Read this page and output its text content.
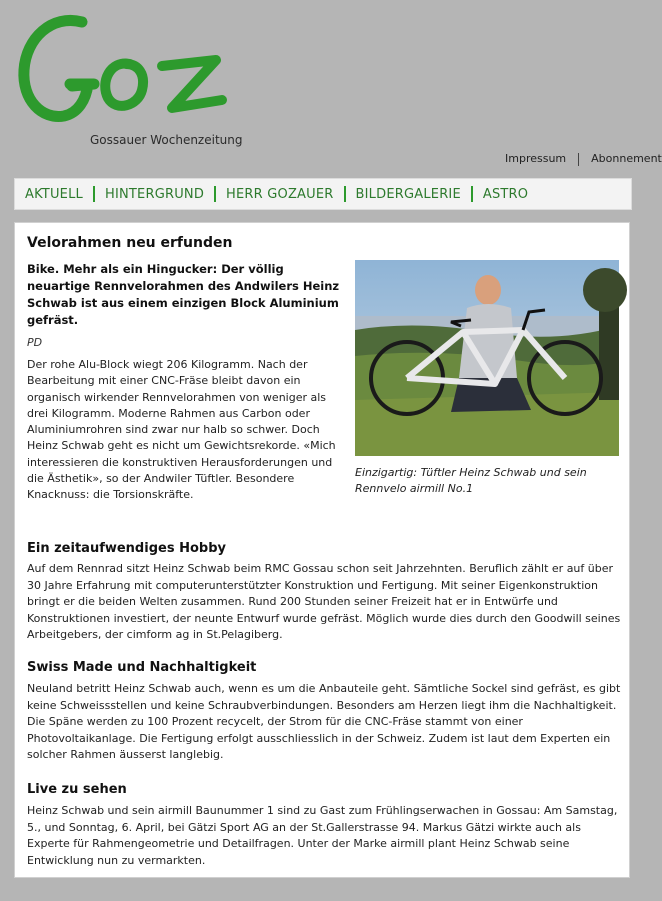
Gossauer Wochenzeitung
Impressum Abonnement
AKTUELL	HINTERGRUND	HERR GOZAUER	BILDERGALERIE	ASTRO
Velorahmen neu erfunden

Bike. Mehr als ein Hingucker: Der völlig neuartige Rennvelorahmen des Andwilers Heinz Schwab ist aus einem einzigen Block Aluminium gefräst.

PD

Der rohe Alu-Block wiegt 206 Kilogramm. Nach der Bearbeitung mit einer CNC-Fräse bleibt davon ein organisch wirkender Rennvelorahmen von weniger als drei Kilogramm. Moderne Rahmen aus Carbon oder Aluminiumrohren sind zwar nur halb so schwer. Doch Heinz Schwab geht es nicht um Gewichtsrekorde. «Mich interessieren die konstruktiven Herausforderungen und die Ästhetik», so der Andwiler Tüftler. Besondere Knacknuss: die Torsionskräfte.

Einzigartig: Tüftler Heinz Schwab und sein Rennvelo airmill No.1
Ein zeitaufwendiges Hobby

Auf dem Rennrad sitzt Heinz Schwab beim RMC Gossau schon seit Jahrzehnten. Beruflich zählt er auf über 30 Jahre Erfahrung mit computerunterstützter Konstruktion und Fertigung. Mit seiner Eigenkonstruktion bringt er die beiden Welten zusammen. Rund 200 Stunden seiner Freizeit hat er in Entwürfe und Konstruktionen investiert, der neunte Entwurf wurde gefräst. Möglich wurde dies durch den Goodwill seines Arbeitgebers, der cimform ag in St.Pelagiberg.

Swiss Made und Nachhaltigkeit

Neuland betritt Heinz Schwab auch, wenn es um die Anbauteile geht. Sämtliche Sockel sind gefräst, es gibt keine Schweissstellen und keine Schraubverbindungen. Besonders am Herzen liegt ihm die Nachhaltigkeit. Die Späne werden zu 100 Prozent recycelt, der Strom für die CNC-Fräse stammt von einer Photovoltaikanlage. Die Fertigung erfolgt ausschliesslich in der Schweiz. Zudem ist laut dem Experten ein solcher Rahmen äusserst langlebig.

Live zu sehen

Heinz Schwab und sein airmill Baunummer 1 sind zu Gast zum Frühlingserwachen in Gossau: Am Samstag, 5., und Sonntag, 6. April, bei Gätzi Sport AG an der St.Gallerstrasse 94. Markus Gätzi wirkte auch als Experte für Rahmengeometrie und Detailfragen. Unter der Marke airmill plant Heinz Schwab seine Entwicklung nun zu vermarkten.
